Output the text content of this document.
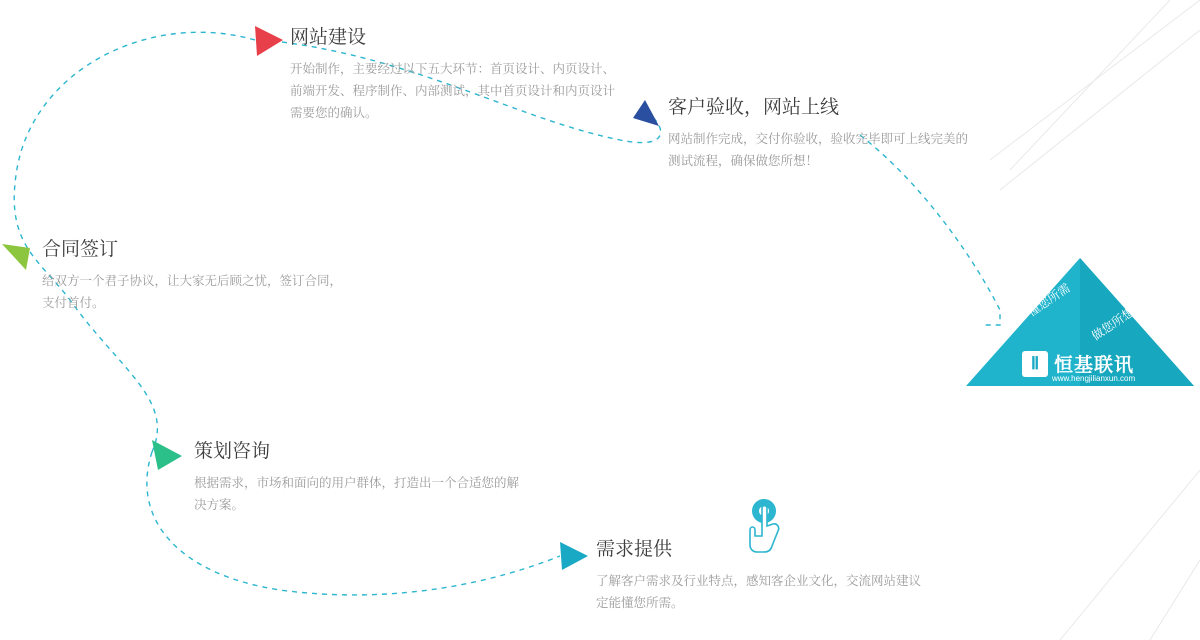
网站建设
开始制作，主要经过以下五大环节：首页设计、内页设计、前端开发、程序制作、内部测试，其中首页设计和内页设计需要您的确认。	客户验收，网站上线
网站制作完成，交付你验收，验收完毕即可上线完美的测试流程，确保做您所想！
合同签订
给双方一个君子协议，让大家无后顾之忧，签订合同，支付首付。
策划咨询
根据需求，市场和面向的用户群体，打造出一个合适您的解决方案。
需求提供
了解客户需求及行业特点，感知客企业文化，交流网站建议定能懂您所需。
懂您所需
做您所想
Ⅱ 恒基联讯
www.hengjilianxun.com
